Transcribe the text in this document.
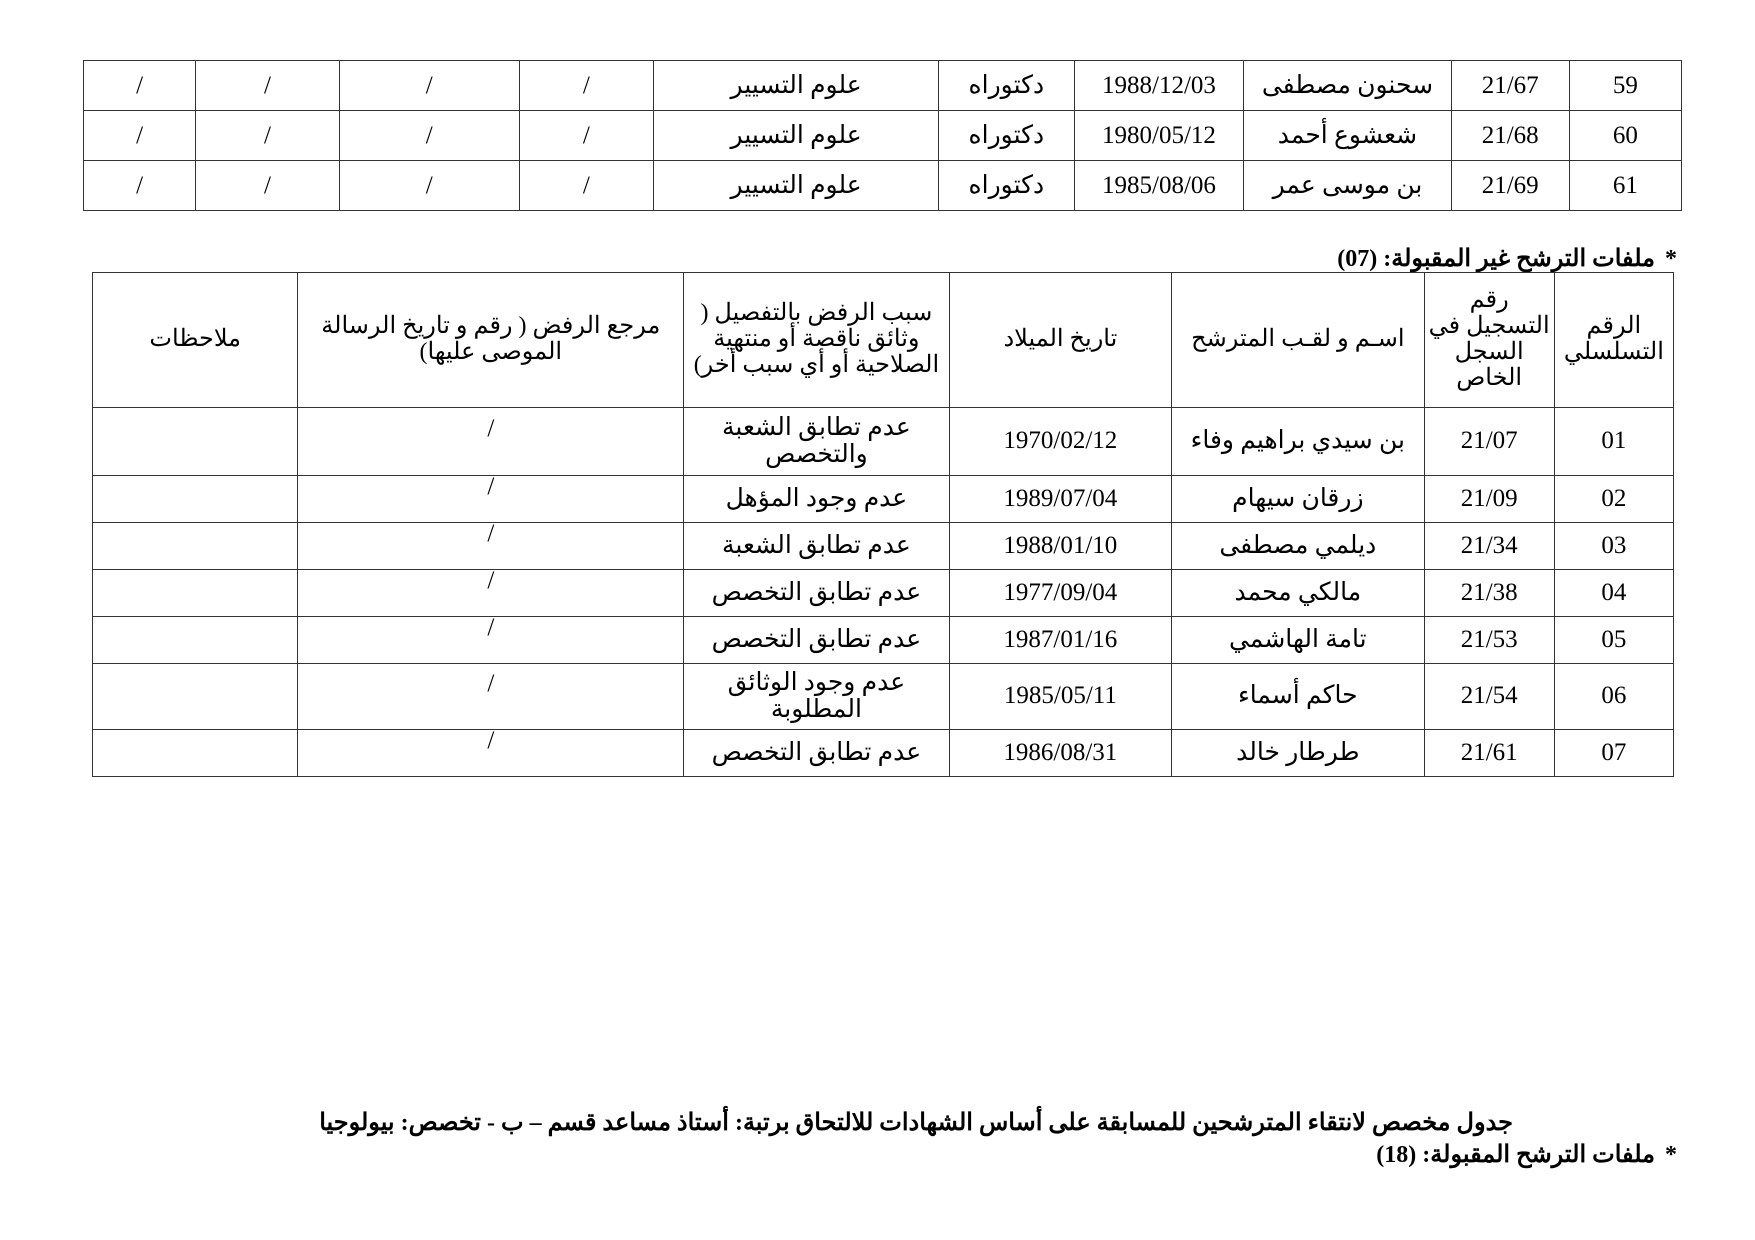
59	21/67	سحنون مصطفى	1988/12/03	دكتوراه	علوم التسيير	/	/	/	/
60	21/68	شعشوع أحمد	1980/05/12	دكتوراه	علوم التسيير	/	/	/	/
61	21/69	بن موسى عمر	1985/08/06	دكتوراه	علوم التسيير	/	/	/	/
*ملفات الترشح غير المقبولة: (07)
الرقم التسلسلي	رقم التسجيل في السجل الخاص	اسـم و لقـب المترشح	تاريخ الميلاد	سبب الرفض بالتفصيل ( وثائق ناقصة أو منتهية الصلاحية أو أي سبب أخر)	مرجع الرفض ( رقم و تاريخ الرسالة الموصى عليها)	ملاحظات
01	21/07	بن سيدي براهيم وفاء	1970/02/12	عدم تطابق الشعبة والتخصص	/	
02	21/09	زرقان سيهام	1989/07/04	عدم وجود المؤهل	/	
03	21/34	ديلمي مصطفى	1988/01/10	عدم تطابق الشعبة	/	
04	21/38	مالكي محمد	1977/09/04	عدم تطابق التخصص	/	
05	21/53	تامة الهاشمي	1987/01/16	عدم تطابق التخصص	/	
06	21/54	حاكم أسماء	1985/05/11	عدم وجود الوثائق المطلوبة	/	
07	21/61	طرطار خالد	1986/08/31	عدم تطابق التخصص	/	
جدول مخصص لانتقاء المترشحين للمسابقة على أساس الشهادات للالتحاق برتبة: أستاذ مساعد قسم – ب - تخصص: بيولوجيا
*ملفات الترشح المقبولة: (18)
